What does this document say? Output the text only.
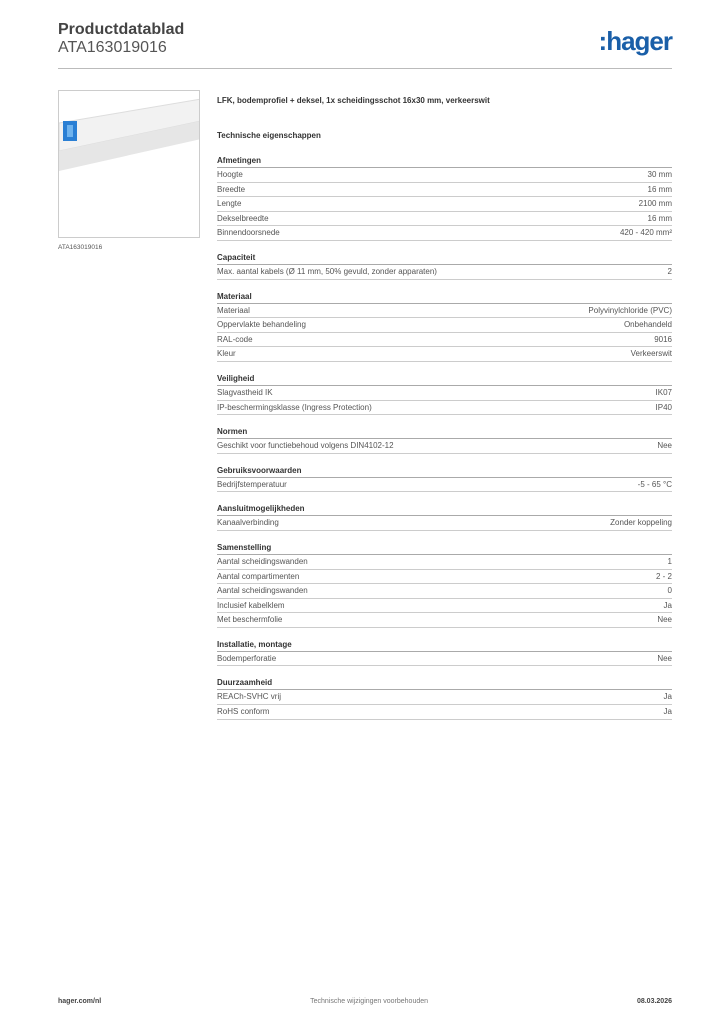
Productdatablad
ATA163019016	:hager
ATA163019016
LFK, bodemprofiel + deksel, 1x scheidingsschot 16x30 mm, verkeerswit
Technische eigenschappen
Afmetingen
Hoogte	30 mm
Breedte	16 mm
Lengte	2100 mm
Dekselbreedte	16 mm
Binnendoorsnede	420 - 420 mm²
Capaciteit
Max. aantal kabels (Ø 11 mm, 50% gevuld, zonder apparaten)	2
Materiaal
Materiaal	Polyvinylchloride (PVC)
Oppervlakte behandeling	Onbehandeld
RAL-code	9016
Kleur	Verkeerswit
Veiligheid
Slagvastheid IK	IK07
IP-beschermingsklasse (Ingress Protection)	IP40
Normen
Geschikt voor functiebehoud volgens DIN4102-12	Nee
Gebruiksvoorwaarden
Bedrijfstemperatuur	-5 - 65 °C
Aansluitmogelijkheden
Kanaalverbinding	Zonder koppeling
Samenstelling
Aantal scheidingswanden	1
Aantal compartimenten	2 - 2
Aantal scheidingswanden	0
Inclusief kabelklem	Ja
Met beschermfolie	Nee
Installatie, montage
Bodemperforatie	Nee
Duurzaamheid
REACh-SVHC vrij	Ja
RoHS conform	Ja
hager.com/nl	Technische wijzigingen voorbehouden	08.03.2026
